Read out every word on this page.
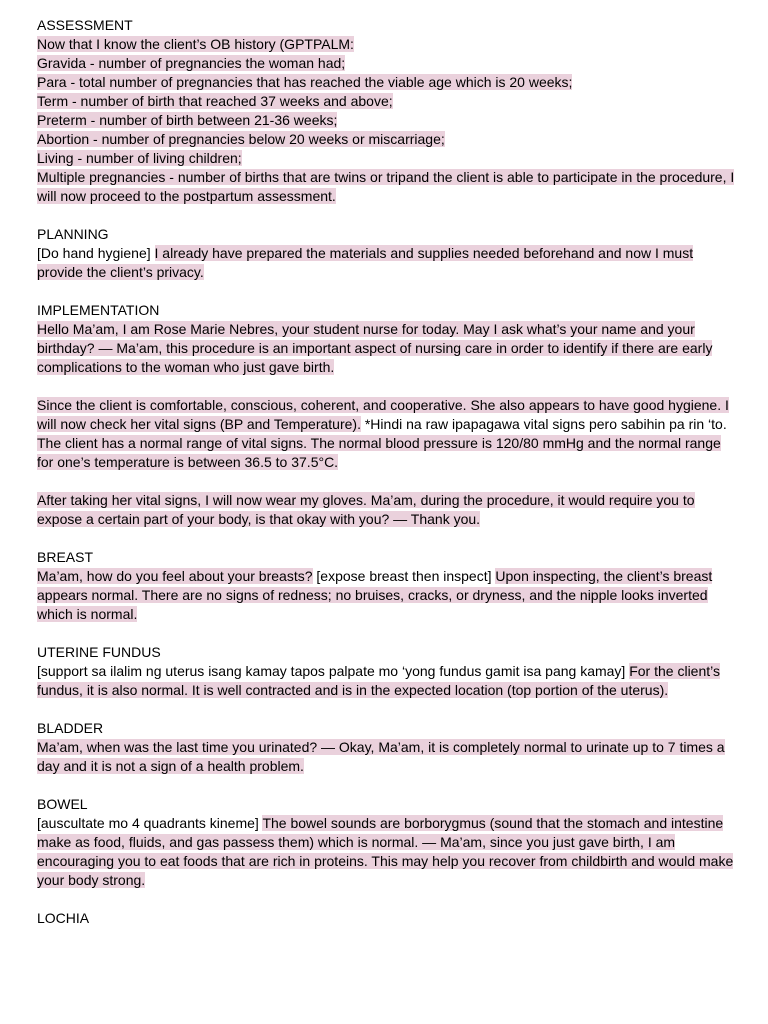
ASSESSMENT

Now that I know the client’s OB history (GPTPALM:

Gravida - number of pregnancies the woman had;

Para - total number of pregnancies that has reached the viable age which is 20 weeks;

Term - number of birth that reached 37 weeks and above;

Preterm - number of birth between 21-36 weeks;

Abortion - number of pregnancies below 20 weeks or miscarriage;

Living - number of living children;

Multiple pregnancies - number of births that are twins or tripand the client is able to participate in the procedure, I will now proceed to the postpartum assessment.

PLANNING

[Do hand hygiene] I already have prepared the materials and supplies needed beforehand and now I must provide the client’s privacy.

IMPLEMENTATION

Hello Ma’am, I am Rose Marie Nebres, your student nurse for today. May I ask what’s your name and your birthday? — Ma’am, this procedure is an important aspect of nursing care in order to identify if there are early complications to the woman who just gave birth.

Since the client is comfortable, conscious, coherent, and cooperative. She also appears to have good hygiene. I will now check her vital signs (BP and Temperature). *Hindi na raw ipapagawa vital signs pero sabihin pa rin ‘to. The client has a normal range of vital signs. The normal blood pressure is 120/80 mmHg and the normal range for one’s temperature is between 36.5 to 37.5°C.

After taking her vital signs, I will now wear my gloves. Ma’am, during the procedure, it would require you to expose a certain part of your body, is that okay with you? — Thank you.

BREAST

Ma’am, how do you feel about your breasts? [expose breast then inspect] Upon inspecting, the client’s breast appears normal. There are no signs of redness; no bruises, cracks, or dryness, and the nipple looks inverted which is normal.

UTERINE FUNDUS

[support sa ilalim ng uterus isang kamay tapos palpate mo ‘yong fundus gamit isa pang kamay] For the client’s fundus, it is also normal. It is well contracted and is in the expected location (top portion of the uterus).

BLADDER

Ma’am, when was the last time you urinated? — Okay, Ma’am, it is completely normal to urinate up to 7 times a day and it is not a sign of a health problem.

BOWEL

[auscultate mo 4 quadrants kineme] The bowel sounds are borborygmus (sound that the stomach and intestine make as food, fluids, and gas passess them) which is normal. — Ma’am, since you just gave birth, I am encouraging you to eat foods that are rich in proteins. This may help you recover from childbirth and would make your body strong.

LOCHIA
